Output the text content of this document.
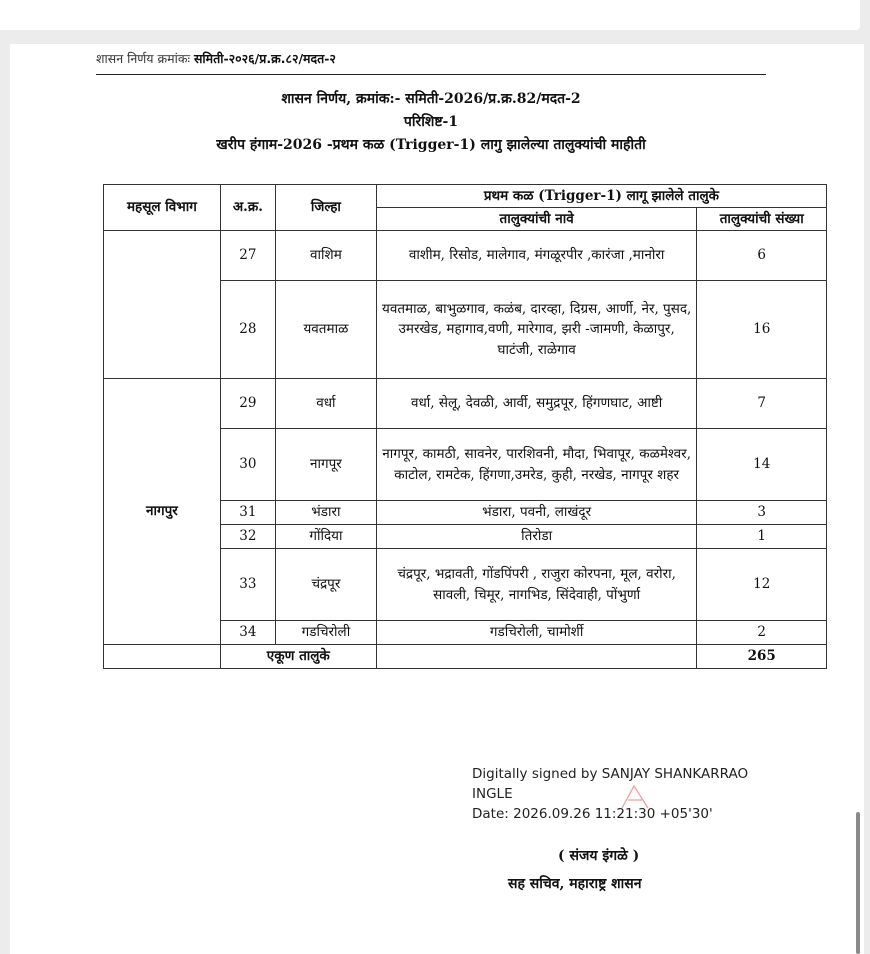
शासन निर्णय क्रमांकः समिती-२०२६/प्र.क्र.८२/मदत-२
शासन निर्णय, क्रमांक:- समिती-2026/प्र.क्र.82/मदत-2
परिशिष्ट-1
खरीप हंगाम-2026 -प्रथम कळ (Trigger-1) लागु झालेल्या तालुक्यांची माहीती
महसूल विभाग	अ.क्र.	जिल्हा	प्रथम कळ (Trigger-1) लागू झालेले तालुके	
			तालुक्यांची नावे	तालुक्यांची संख्या
	27	वाशिम	वाशीम, रिसोड, मालेगाव, मंगळूरपीर ,कारंजा ,मानोरा	6
	28	यवतमाळ	यवतमाळ, बाभुळगाव, कळंब, दारव्हा, दिग्रस, आर्णी, नेर, पुसद, उमरखेड, महागाव,वणी, मारेगाव, झरी -जामणी, केळापुर, घाटंजी, राळेगाव	16
नागपुर	29	वर्धा	वर्धा, सेलू, देवळी, आर्वी, समुद्रपूर, हिंगणघाट, आष्टी	7
	30	नागपूर	नागपूर, कामठी, सावनेर, पारशिवनी, मौदा, भिवापूर, कळमेश्वर, काटोल, रामटेक, हिंगणा,उमरेड, कुही, नरखेड, नागपूर शहर	14
	31	भंडारा	भंडारा, पवनी, लाखंदूर	3
	32	गोंदिया	तिरोडा	1
	33	चंद्रपूर	चंद्रपूर, भद्रावती, गोंडपिंपरी , राजुरा कोरपना, मूल, वरोरा, सावली, चिमूर, नागभिड, सिंदेवाही, पोंभुर्णा	12
	34	गडचिरोली	गडचिरोली, चामोर्शी	2
	एकूण तालुके			265
Digitally signed by SANJAY SHANKARRAO
INGLE
Date: 2026.09.26 11:21:30 +05'30'
( संजय इंगळे )
सह सचिव, महाराष्ट्र शासन
